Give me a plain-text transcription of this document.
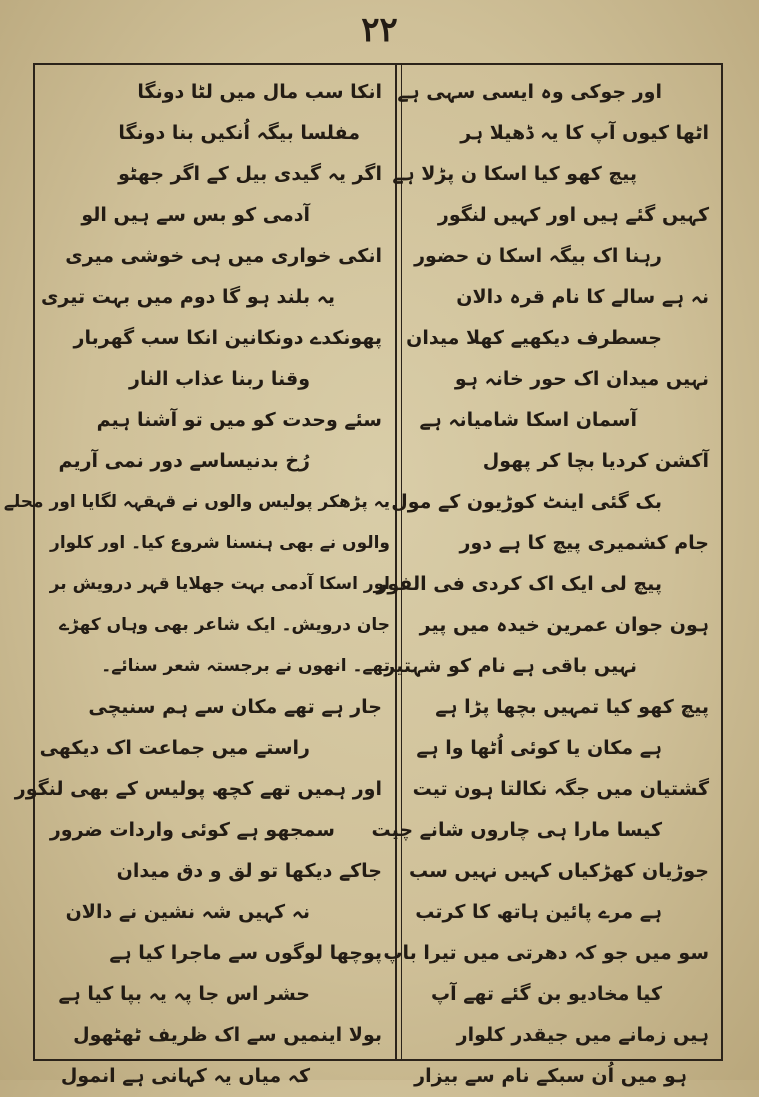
۲۲
اور جوکی وہ ایسی سہی ہے
اٹھا کیوں آپ کا یہ ڈھیلا ہر
پیچ کھو کیا اسکا ن پڑلا ہے
کہیں گئے ہیں اور کہیں لنگور
رہنا اک بیگہ اسکا ن حضور
نہ ہے سالے کا نام قرہ دالان
جسطرف دیکھیے کھلا میدان
نہیں میدان اک حور خانہ ہو
آسمان اسکا شامیانہ ہے
آکشن کردیا بچا کر پھول
بک گئی اینٹ کوڑیون کے مول
جام کشمیری پیچ کا ہے دور
پیچ لی ایک اک کردی فی الفور
ہون جوان عمرین خیدہ میں پیر
نہیں باقی ہے نام کو شہتیر
پیچ کھو کیا تمہیں بچھا پڑا ہے
ہے مکان یا کوئی اُٹھا وا ہے
گشتیان میں جگہ نکالتا ہون تیت
کیسا مارا ہی چاروں شانے چیت
جوڑیان کھڑکیاں کہیں نہیں سب
ہے مرے پائین ہاتھ کا کرتب
سو میں جو کہ دھرتی میں تیرا باپ
کیا مخادیو بن گئے تھے آپ
ہیں زمانے میں جیقدر کلوار
ہو میں اُن سبکے نام سے بیزار
انکا سب مال میں لٹا دونگا
مفلسا بیگہ اُنکیں بنا دونگا
اگر یہ گیدی بیل کے اگر جھٹو
آدمی کو بس سے ہیں الو
انکی خواری میں ہی خوشی میری
یہ بلند ہو گا دوم میں بہت تیری
پھونکدے دونکانین انکا سب گھربار
وقنا ربنا عذاب النار
سئے وحدت کو میں تو آشنا ہیم
رُخ بدنیساسے دور نمی آریم
یہ پڑھکر پولیس والوں نے قہقہہ لگایا اور محلے
والوں نے بھی ہنسنا شروع کیا۔ اور کلوار
اور اسکا آدمی بہت جھلایا قہر درویش بر
جان درویش۔ ایک شاعر بھی وہاں کھڑے
تھے۔ انھوں نے برجستہ شعر سنائے۔
جار ہے تھے مکان سے ہم سنیچی
راستے میں جماعت اک دیکھی
اور ہمیں تھے کچھ پولیس کے بھی لنگور
سمجھو ہے کوئی واردات ضرور
جاکے دیکھا تو لق و دق میدان
نہ کہیں شہ نشین نے دالان
پوچھا لوگوں سے ماجرا کیا ہے
حشر اس جا پہ یہ بپا کیا ہے
بولا اینمیں سے اک ظریف ٹھٹھول
کہ میاں یہ کہانی ہے انمول
